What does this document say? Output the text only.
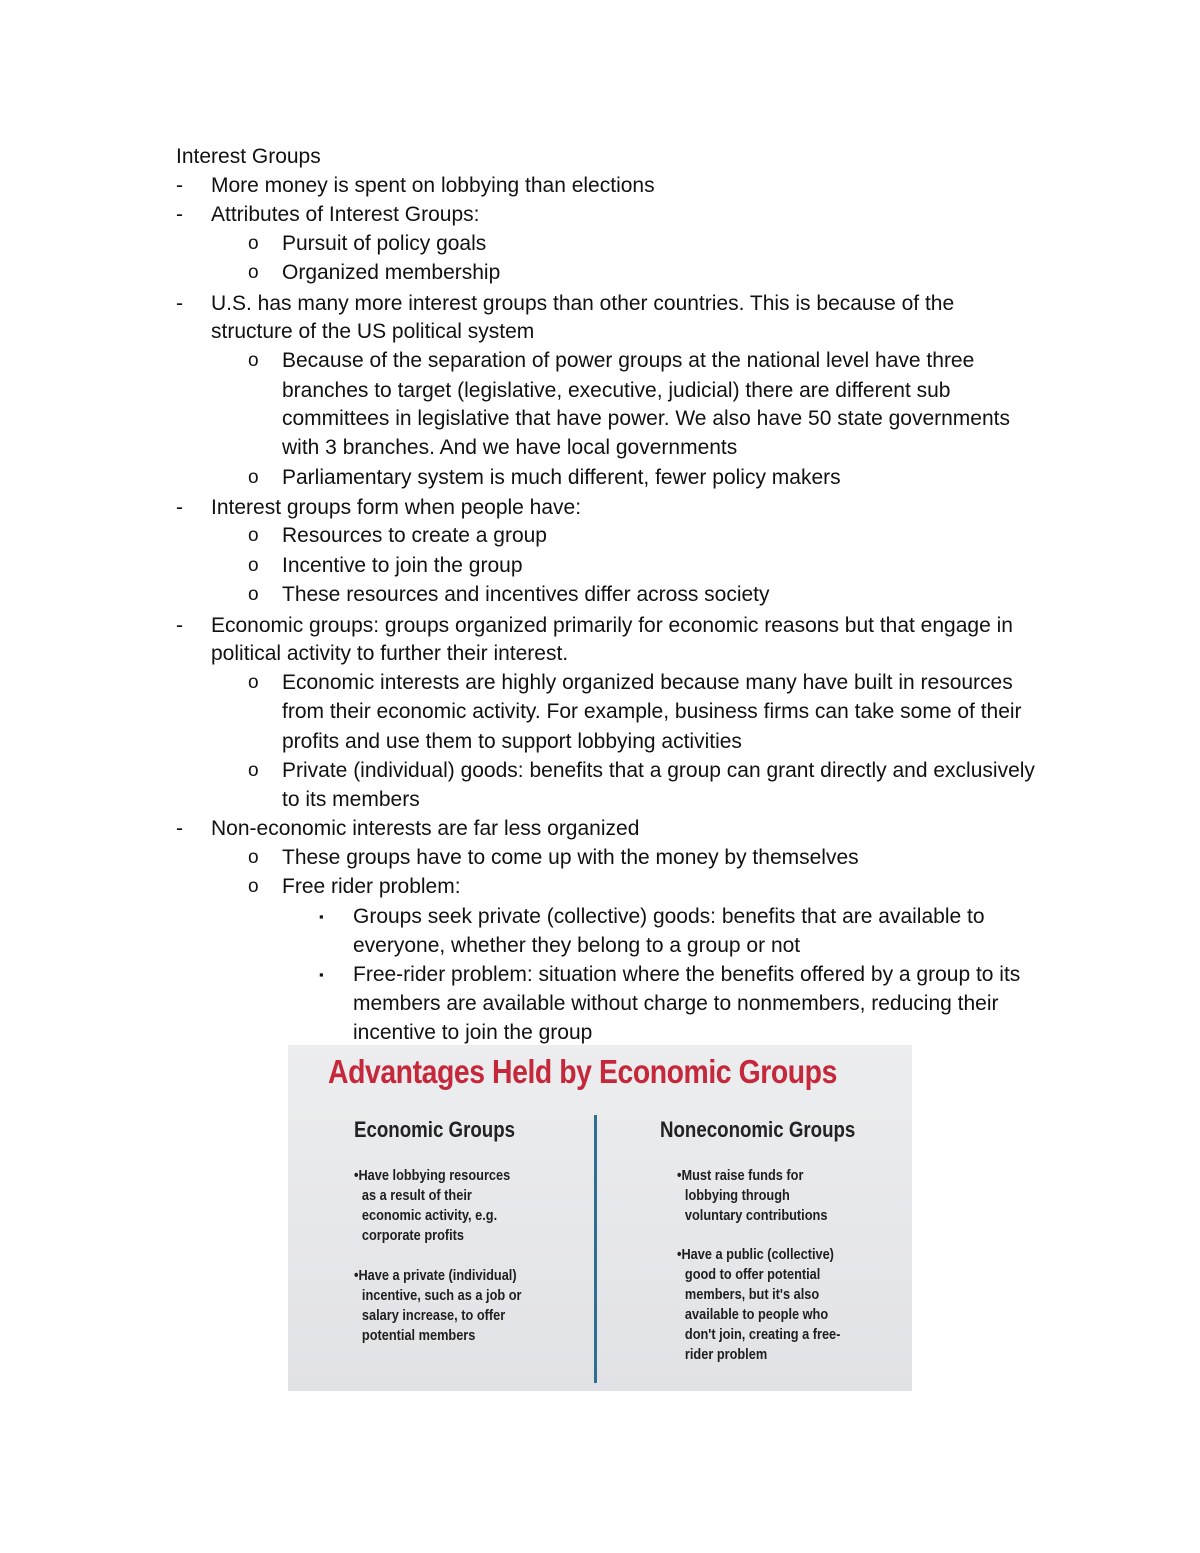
Interest Groups
- More money is spent on lobbying than elections
- Attributes of Interest Groups:
o Pursuit of policy goals
o Organized membership
- U.S. has many more interest groups than other countries. This is because of the
structure of the US political system
o Because of the separation of power groups at the national level have three
branches to target (legislative, executive, judicial) there are different sub
committees in legislative that have power. We also have 50 state governments
with 3 branches. And we have local governments
o Parliamentary system is much different, fewer policy makers
- Interest groups form when people have:
o Resources to create a group
o Incentive to join the group
o These resources and incentives differ across society
- Economic groups: groups organized primarily for economic reasons but that engage in
political activity to further their interest.
o Economic interests are highly organized because many have built in resources
from their economic activity. For example, business firms can take some of their
profits and use them to support lobbying activities
o Private (individual) goods: benefits that a group can grant directly and exclusively
to its members
- Non-economic interests are far less organized
o These groups have to come up with the money by themselves
o Free rider problem:
▪ Groups seek private (collective) goods: benefits that are available to
everyone, whether they belong to a group or not
▪ Free-rider problem: situation where the benefits offered by a group to its
members are available without charge to nonmembers, reducing their
incentive to join the group
Advantages Held by Economic Groups
Economic Groups	Noneconomic Groups
• Have lobbying resources
as a result of their
economic activity, e.g.
corporate profits
• Have a private (individual)
incentive, such as a job or
salary increase, to offer
potential members
• Must raise funds for
lobbying through
voluntary contributions
• Have a public (collective)
good to offer potential
members, but it's also
available to people who
don't join, creating a free-
rider problem
